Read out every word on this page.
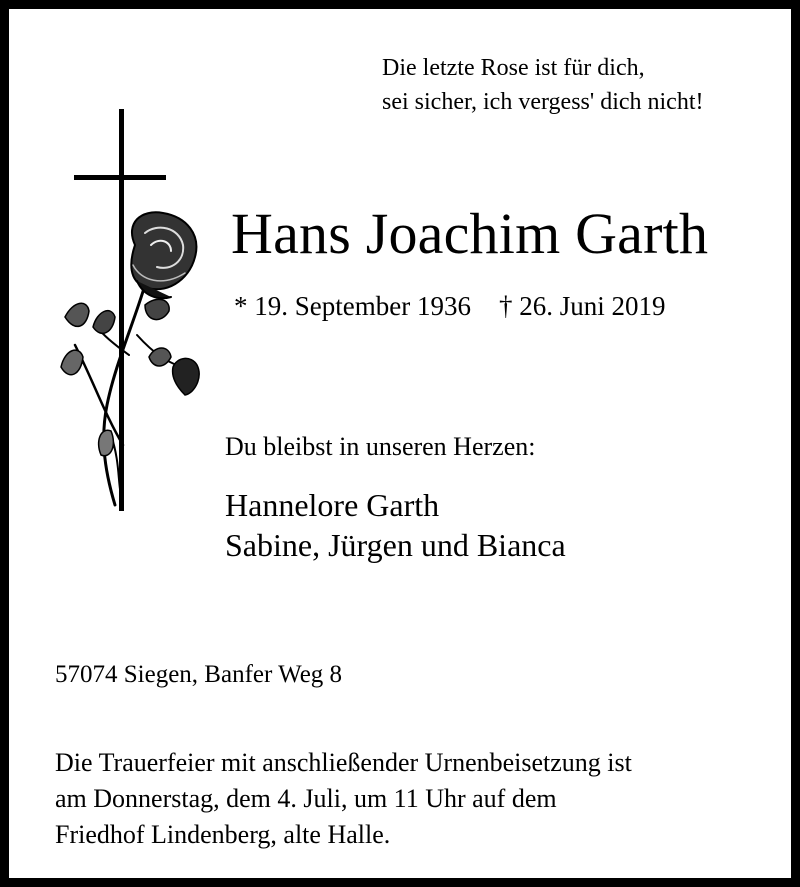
Die letzte Rose ist für dich,
sei sicher, ich vergess' dich nicht!
Hans Joachim Garth
* 19. September 1936 † 26. Juni 2019
Du bleibst in unseren Herzen:
Hannelore Garth
Sabine, Jürgen und Bianca
57074 Siegen, Banfer Weg 8
Die Trauerfeier mit anschließender Urnenbeisetzung ist
am Donnerstag, dem 4. Juli, um 11 Uhr auf dem
Friedhof Lindenberg, alte Halle.
